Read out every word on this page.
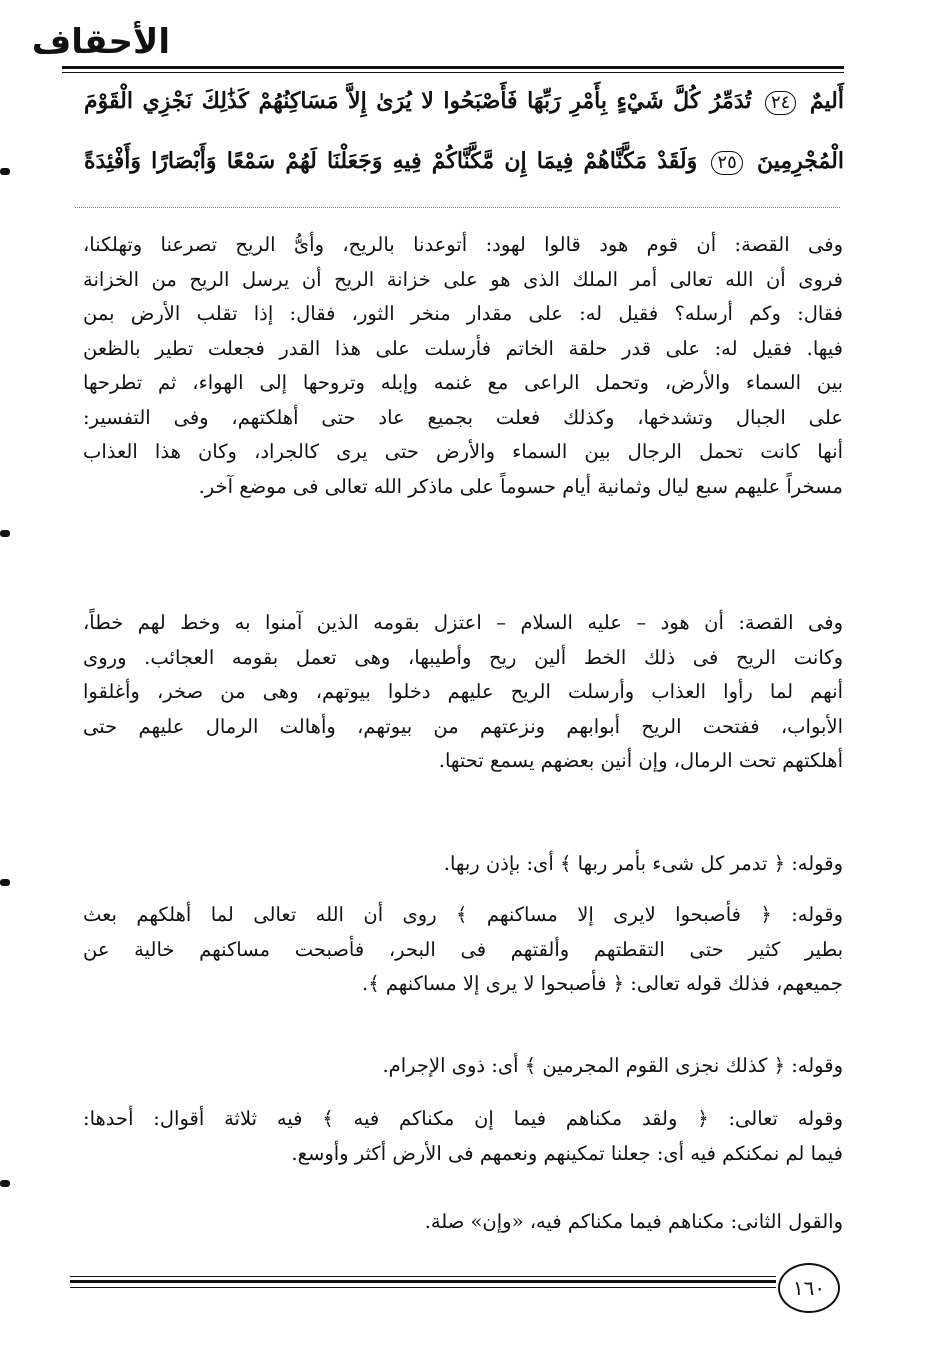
الأحقاف
أَليمٌ ٢٤ تُدَمِّرُ كُلَّ شَيْءٍ بِأَمْرِ رَبِّهَا فَأَصْبَحُوا لا يُرَىٰ إِلاَّ مَسَاكِنُهُمْ كَذَٰلِكَ نَجْزِي الْقَوْمَ
الْمُجْرِمِينَ ٢٥ وَلَقَدْ مَكَّنَّاهُمْ فِيمَا إِن مَّكَّنَّاكُمْ فِيهِ وَجَعَلْنَا لَهُمْ سَمْعًا وَأَبْصَارًا وَأَفْئِدَةً
وفى القصة: أن قوم هود قالوا لهود: أتوعدنا بالريح، وأىُّ الريح تصرعنا وتهلكنا،
فروى أن الله تعالى أمر الملك الذى هو على خزانة الريح أن يرسل الريح من الخزانة
فقال: وكم أرسله؟ فقيل له: على مقدار منخر الثور، فقال: إذا تقلب الأرض بمن
فيها. فقيل له: على قدر حلقة الخاتم فأرسلت على هذا القدر فجعلت تطير بالظعن
بين السماء والأرض، وتحمل الراعى مع غنمه وإبله وتروحها إلى الهواء، ثم تطرحها
على الجبال وتشدخها، وكذلك فعلت بجميع عاد حتى أهلكتهم، وفى التفسير:
أنها كانت تحمل الرجال بين السماء والأرض حتى يرى كالجراد، وكان هذا العذاب
مسخراً عليهم سبع ليال وثمانية أيام حسوماً على ماذكر الله تعالى فى موضع آخر.
وفى القصة: أن هود – عليه السلام – اعتزل بقومه الذين آمنوا به وخط لهم خطاً،
وكانت الريح فى ذلك الخط ألين ريح وأطيبها، وهى تعمل بقومه العجائب. وروى
أنهم لما رأوا العذاب وأرسلت الريح عليهم دخلوا بيوتهم، وهى من صخر، وأغلقوا
الأبواب، ففتحت الريح أبوابهم ونزعتهم من بيوتهم، وأهالت الرمال عليهم حتى
أهلكتهم تحت الرمال، وإن أنين بعضهم يسمع تحتها.
وقوله: ﴿ تدمر كل شىء بأمر ربها ﴾ أى: بإذن ربها.
وقوله: ﴿ فأصبحوا لايرى إلا مساكنهم ﴾ روى أن الله تعالى لما أهلكهم بعث
بطير كثير حتى التقطتهم وألقتهم فى البحر، فأصبحت مساكنهم خالية عن
جميعهم، فذلك قوله تعالى: ﴿ فأصبحوا لا يرى إلا مساكنهم ﴾.
وقوله: ﴿ كذلك نجزى القوم المجرمين ﴾ أى: ذوى الإجرام.
وقوله تعالى: ﴿ ولقد مكناهم فيما إن مكناكم فيه ﴾ فيه ثلاثة أقوال: أحدها:
فيما لم نمكنكم فيه أى: جعلنا تمكينهم ونعمهم فى الأرض أكثر وأوسع.
والقول الثانى: مكناهم فيما مكناكم فيه، «وإن» صلة.
١٦٠
